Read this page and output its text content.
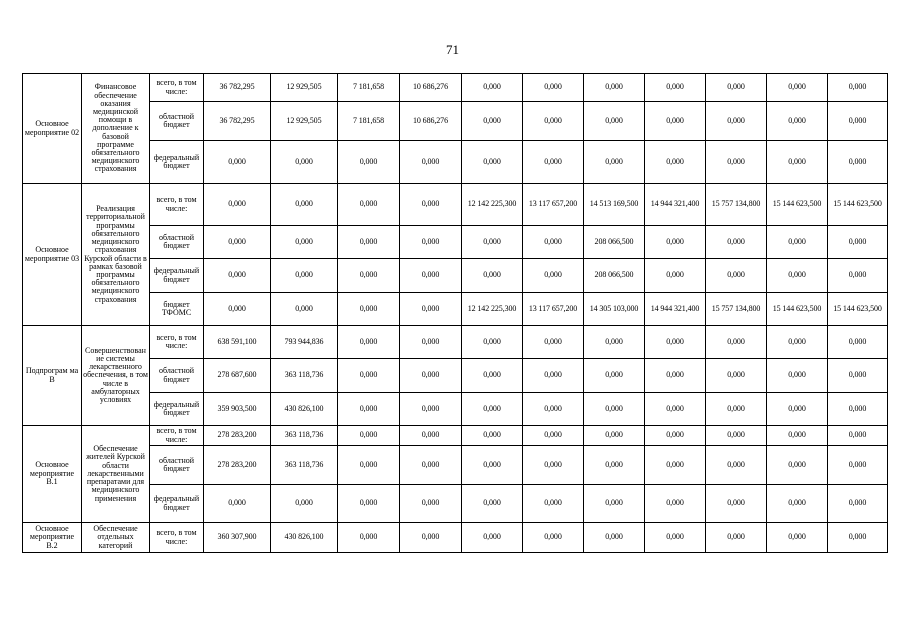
71
Основное мероприятие 02	Финансовое обеспечение оказания медицинской помощи в дополнение к базовой программе обязательного медицинского страхования	всего, в том числе:	36 782,295	12 929,505	7 181,658	10 686,276	0,000	0,000	0,000	0,000	0,000	0,000	0,000
		областной бюджет	36 782,295	12 929,505	7 181,658	10 686,276	0,000	0,000	0,000	0,000	0,000	0,000	0,000
		федеральный бюджет	0,000	0,000	0,000	0,000	0,000	0,000	0,000	0,000	0,000	0,000	0,000
Основное мероприятие 03	Реализация территориальной программы обязательного медицинского страхования Курской области в рамках базовой программы обязательного медицинского страхования	всего, в том числе:	0,000	0,000	0,000	0,000	12 142 225,300	13 117 657,200	14 513 169,500	14 944 321,400	15 757 134,800	15 144 623,500	15 144 623,500
		областной бюджет	0,000	0,000	0,000	0,000	0,000	0,000	208 066,500	0,000	0,000	0,000	0,000
		федеральный бюджет	0,000	0,000	0,000	0,000	0,000	0,000	208 066,500	0,000	0,000	0,000	0,000
		бюджет ТФОМС	0,000	0,000	0,000	0,000	12 142 225,300	13 117 657,200	14 305 103,000	14 944 321,400	15 757 134,800	15 144 623,500	15 144 623,500
Подпрограм ма В	Совершенствован ие системы лекарственного обеспечения, в том числе в амбулаторных условиях	всего, в том числе:	638 591,100	793 944,836	0,000	0,000	0,000	0,000	0,000	0,000	0,000	0,000	0,000
		областной бюджет	278 687,600	363 118,736	0,000	0,000	0,000	0,000	0,000	0,000	0,000	0,000	0,000
		федеральный бюджет	359 903,500	430 826,100	0,000	0,000	0,000	0,000	0,000	0,000	0,000	0,000	0,000
Основное мероприятие В.1	Обеспечение жителей Курской области лекарственными препаратами для медицинского применения	всего, в том числе:	278 283,200	363 118,736	0,000	0,000	0,000	0,000	0,000	0,000	0,000	0,000	0,000
		областной бюджет	278 283,200	363 118,736	0,000	0,000	0,000	0,000	0,000	0,000	0,000	0,000	0,000
		федеральный бюджет	0,000	0,000	0,000	0,000	0,000	0,000	0,000	0,000	0,000	0,000	0,000
Основное мероприятие В.2	Обеспечение отдельных категорий	всего, в том числе:	360 307,900	430 826,100	0,000	0,000	0,000	0,000	0,000	0,000	0,000	0,000	0,000
